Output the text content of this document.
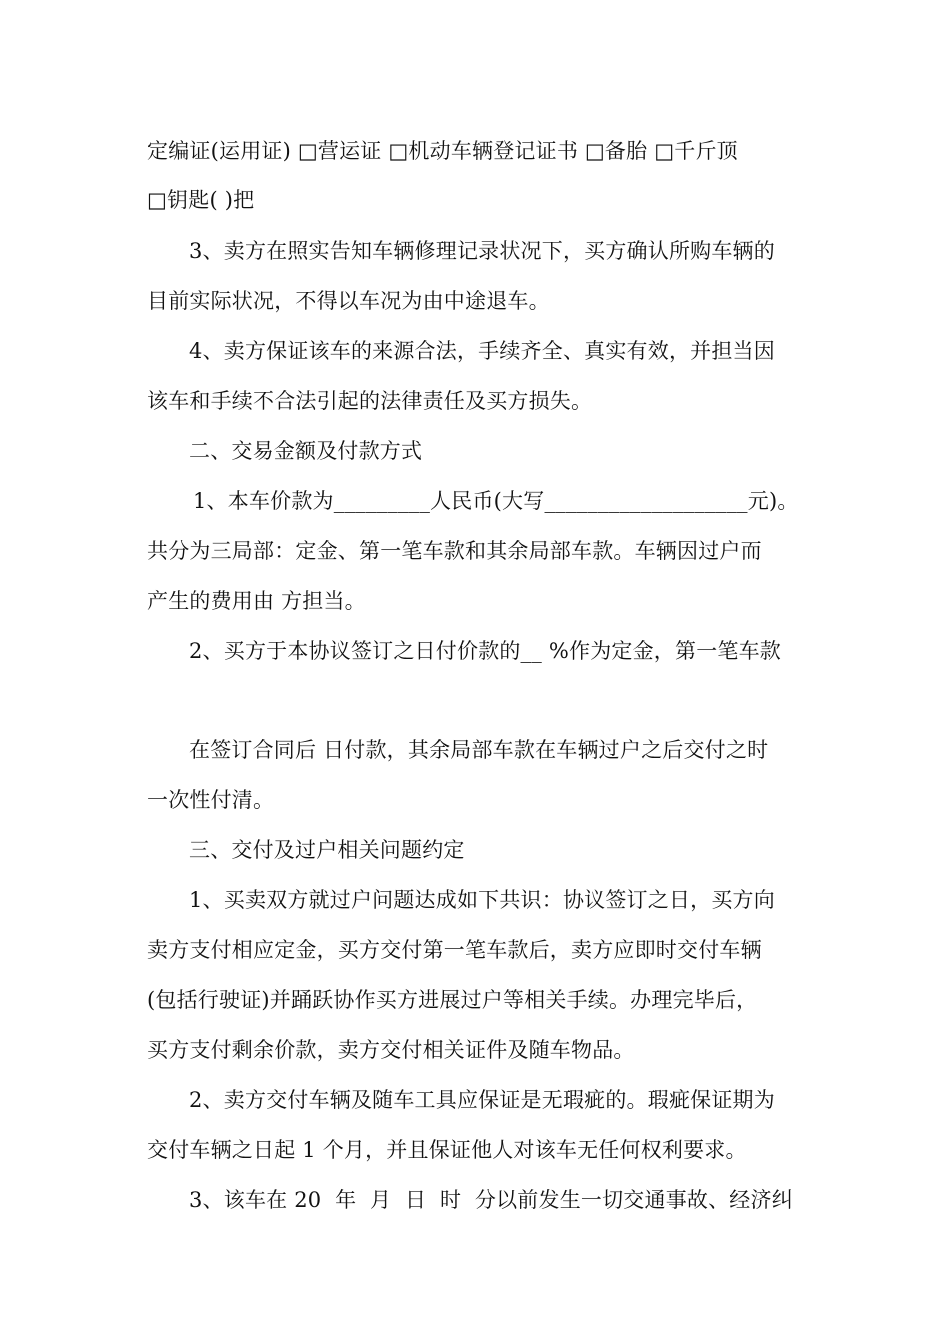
定编证(运用证) □营运证 □机动车辆登记证书 □备胎 □千斤顶
□钥匙( )把
3、卖方在照实告知车辆修理记录状况下，买方确认所购车辆的
目前实际状况，不得以车况为由中途退车。
4、卖方保证该车的来源合法，手续齐全、真实有效，并担当因
该车和手续不合法引起的法律责任及买方损失。
二、交易金额及付款方式
1、本车价款为_________人民币(大写___________________元)。
共分为三局部：定金、第一笔车款和其余局部车款。车辆因过户而
产生的费用由 方担当。
2、买方于本协议签订之日付价款的__ %作为定金，第一笔车款
在签订合同后 日付款，其余局部车款在车辆过户之后交付之时
一次性付清。
三、交付及过户相关问题约定
1、买卖双方就过户问题达成如下共识：协议签订之日，买方向
卖方支付相应定金，买方交付第一笔车款后，卖方应即时交付车辆
(包括行驶证)并踊跃协作买方进展过户等相关手续。办理完毕后，
买方支付剩余价款，卖方交付相关证件及随车物品。
2、卖方交付车辆及随车工具应保证是无瑕疵的。瑕疵保证期为
交付车辆之日起 1 个月，并且保证他人对该车无任何权利要求。
3、该车在 20  年  月  日  时  分以前发生一切交通事故、经济纠
